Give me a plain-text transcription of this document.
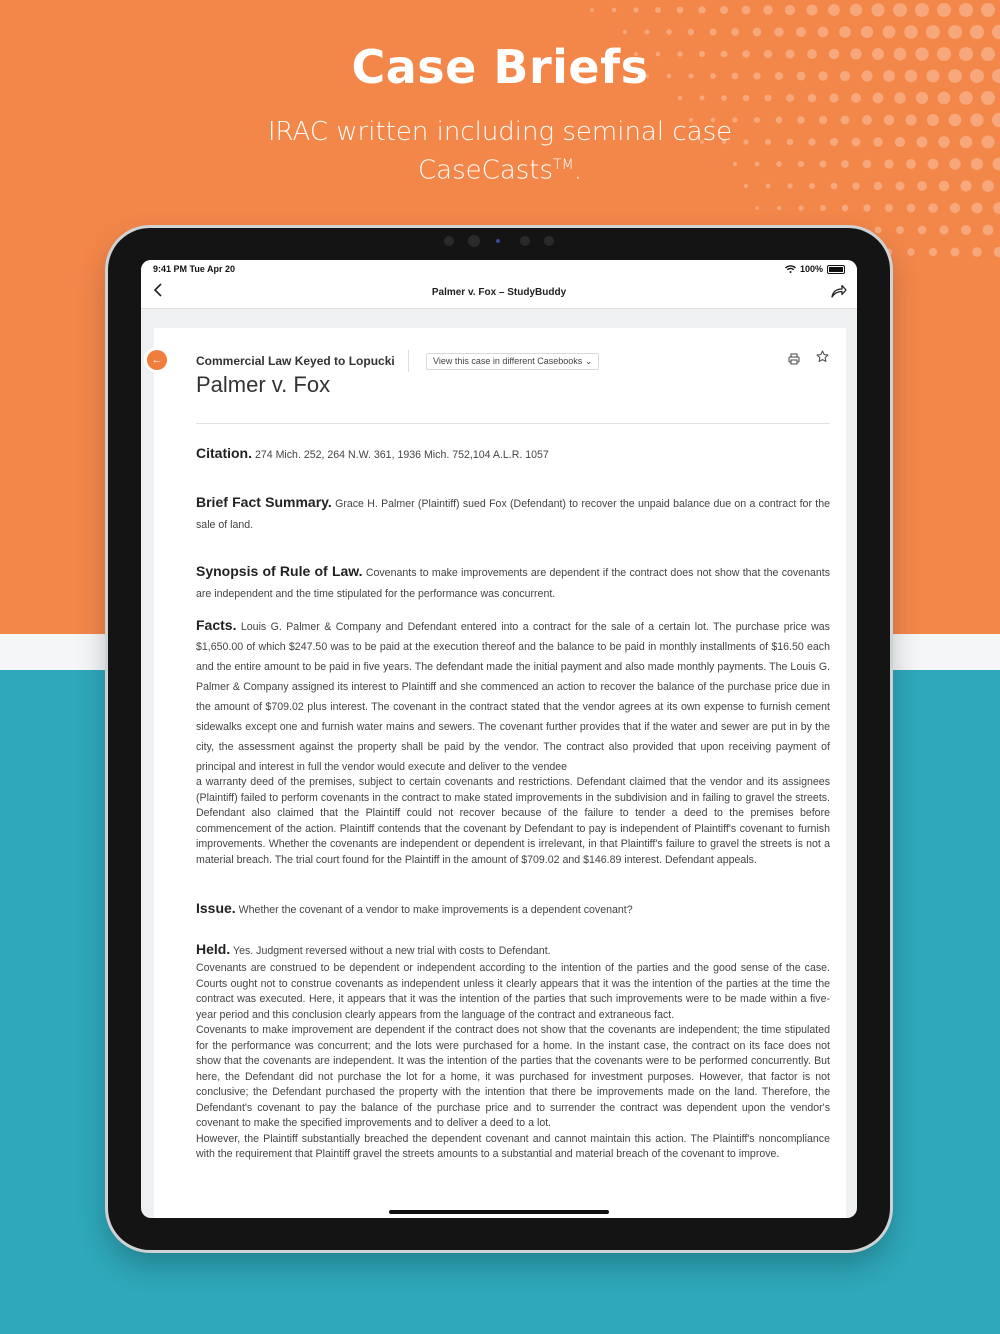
Case Briefs
IRAC written including seminal case CaseCasts™.
9:41 PM Tue Apr 20	100%
Palmer v. Fox – StudyBuddy
Commercial Law Keyed to Lopucki	View this case in different Casebooks ⌄
Palmer v. Fox
Citation. 274 Mich. 252, 264 N.W. 361, 1936 Mich. 752,104 A.L.R. 1057
Brief Fact Summary. Grace H. Palmer (Plaintiff) sued Fox (Defendant) to recover the unpaid balance due on a contract for the sale of land.
Synopsis of Rule of Law. Covenants to make improvements are dependent if the contract does not show that the covenants are independent and the time stipulated for the performance was concurrent.

Facts. Louis G. Palmer & Company and Defendant entered into a contract for the sale of a certain lot. The purchase price was $1,650.00 of which $247.50 was to be paid at the execution thereof and the balance to be paid in monthly installments of $16.50 each and the entire amount to be paid in five years. The defendant made the initial payment and also made monthly payments. The Louis G. Palmer & Company assigned its interest to Plaintiff and she commenced an action to recover the balance of the purchase price due in the amount of $709.02 plus interest. The covenant in the contract stated that the vendor agrees at its own expense to furnish cement sidewalks except one and furnish water mains and sewers. The covenant further provides that if the water and sewer are put in by the city, the assessment against the property shall be paid by the vendor. The contract also provided that upon receiving payment of principal and interest in full the vendor would execute and deliver to the vendee

a warranty deed of the premises, subject to certain covenants and restrictions. Defendant claimed that the vendor and its assignees (Plaintiff) failed to perform covenants in the contract to make stated improvements in the subdivision and in failing to gravel the streets. Defendant also claimed that the Plaintiff could not recover because of the failure to tender a deed to the premises before commencement of the action. Plaintiff contends that the covenant by Defendant to pay is independent of Plaintiff's covenant to furnish improvements. Whether the covenants are independent or dependent is irrelevant, in that Plaintiff's failure to gravel the streets is not a material breach. The trial court found for the Plaintiff in the amount of $709.02 and $146.89 interest. Defendant appeals.

Issue. Whether the covenant of a vendor to make improvements is a dependent covenant?

Held. Yes. Judgment reversed without a new trial with costs to Defendant.

Covenants are construed to be dependent or independent according to the intention of the parties and the good sense of the case. Courts ought not to construe covenants as independent unless it clearly appears that it was the intention of the parties at the time the contract was executed. Here, it appears that it was the intention of the parties that such improvements were to be made within a five-year period and this conclusion clearly appears from the language of the contract and extraneous fact.

Covenants to make improvement are dependent if the contract does not show that the covenants are independent; the time stipulated for the performance was concurrent; and the lots were purchased for a home. In the instant case, the contract on its face does not show that the covenants are independent. It was the intention of the parties that the covenants were to be performed concurrently. But here, the Defendant did not purchase the lot for a home, it was purchased for investment purposes. However, that factor is not conclusive; the Defendant purchased the property with the intention that there be improvements made on the land. Therefore, the Defendant's covenant to pay the balance of the purchase price and to surrender the contract was dependent upon the vendor's covenant to make the specified improvements and to deliver a deed to a lot.

However, the Plaintiff substantially breached the dependent covenant and cannot maintain this action. The Plaintiff's noncompliance with the requirement that Plaintiff gravel the streets amounts to a substantial and material breach of the covenant to improve.

←
